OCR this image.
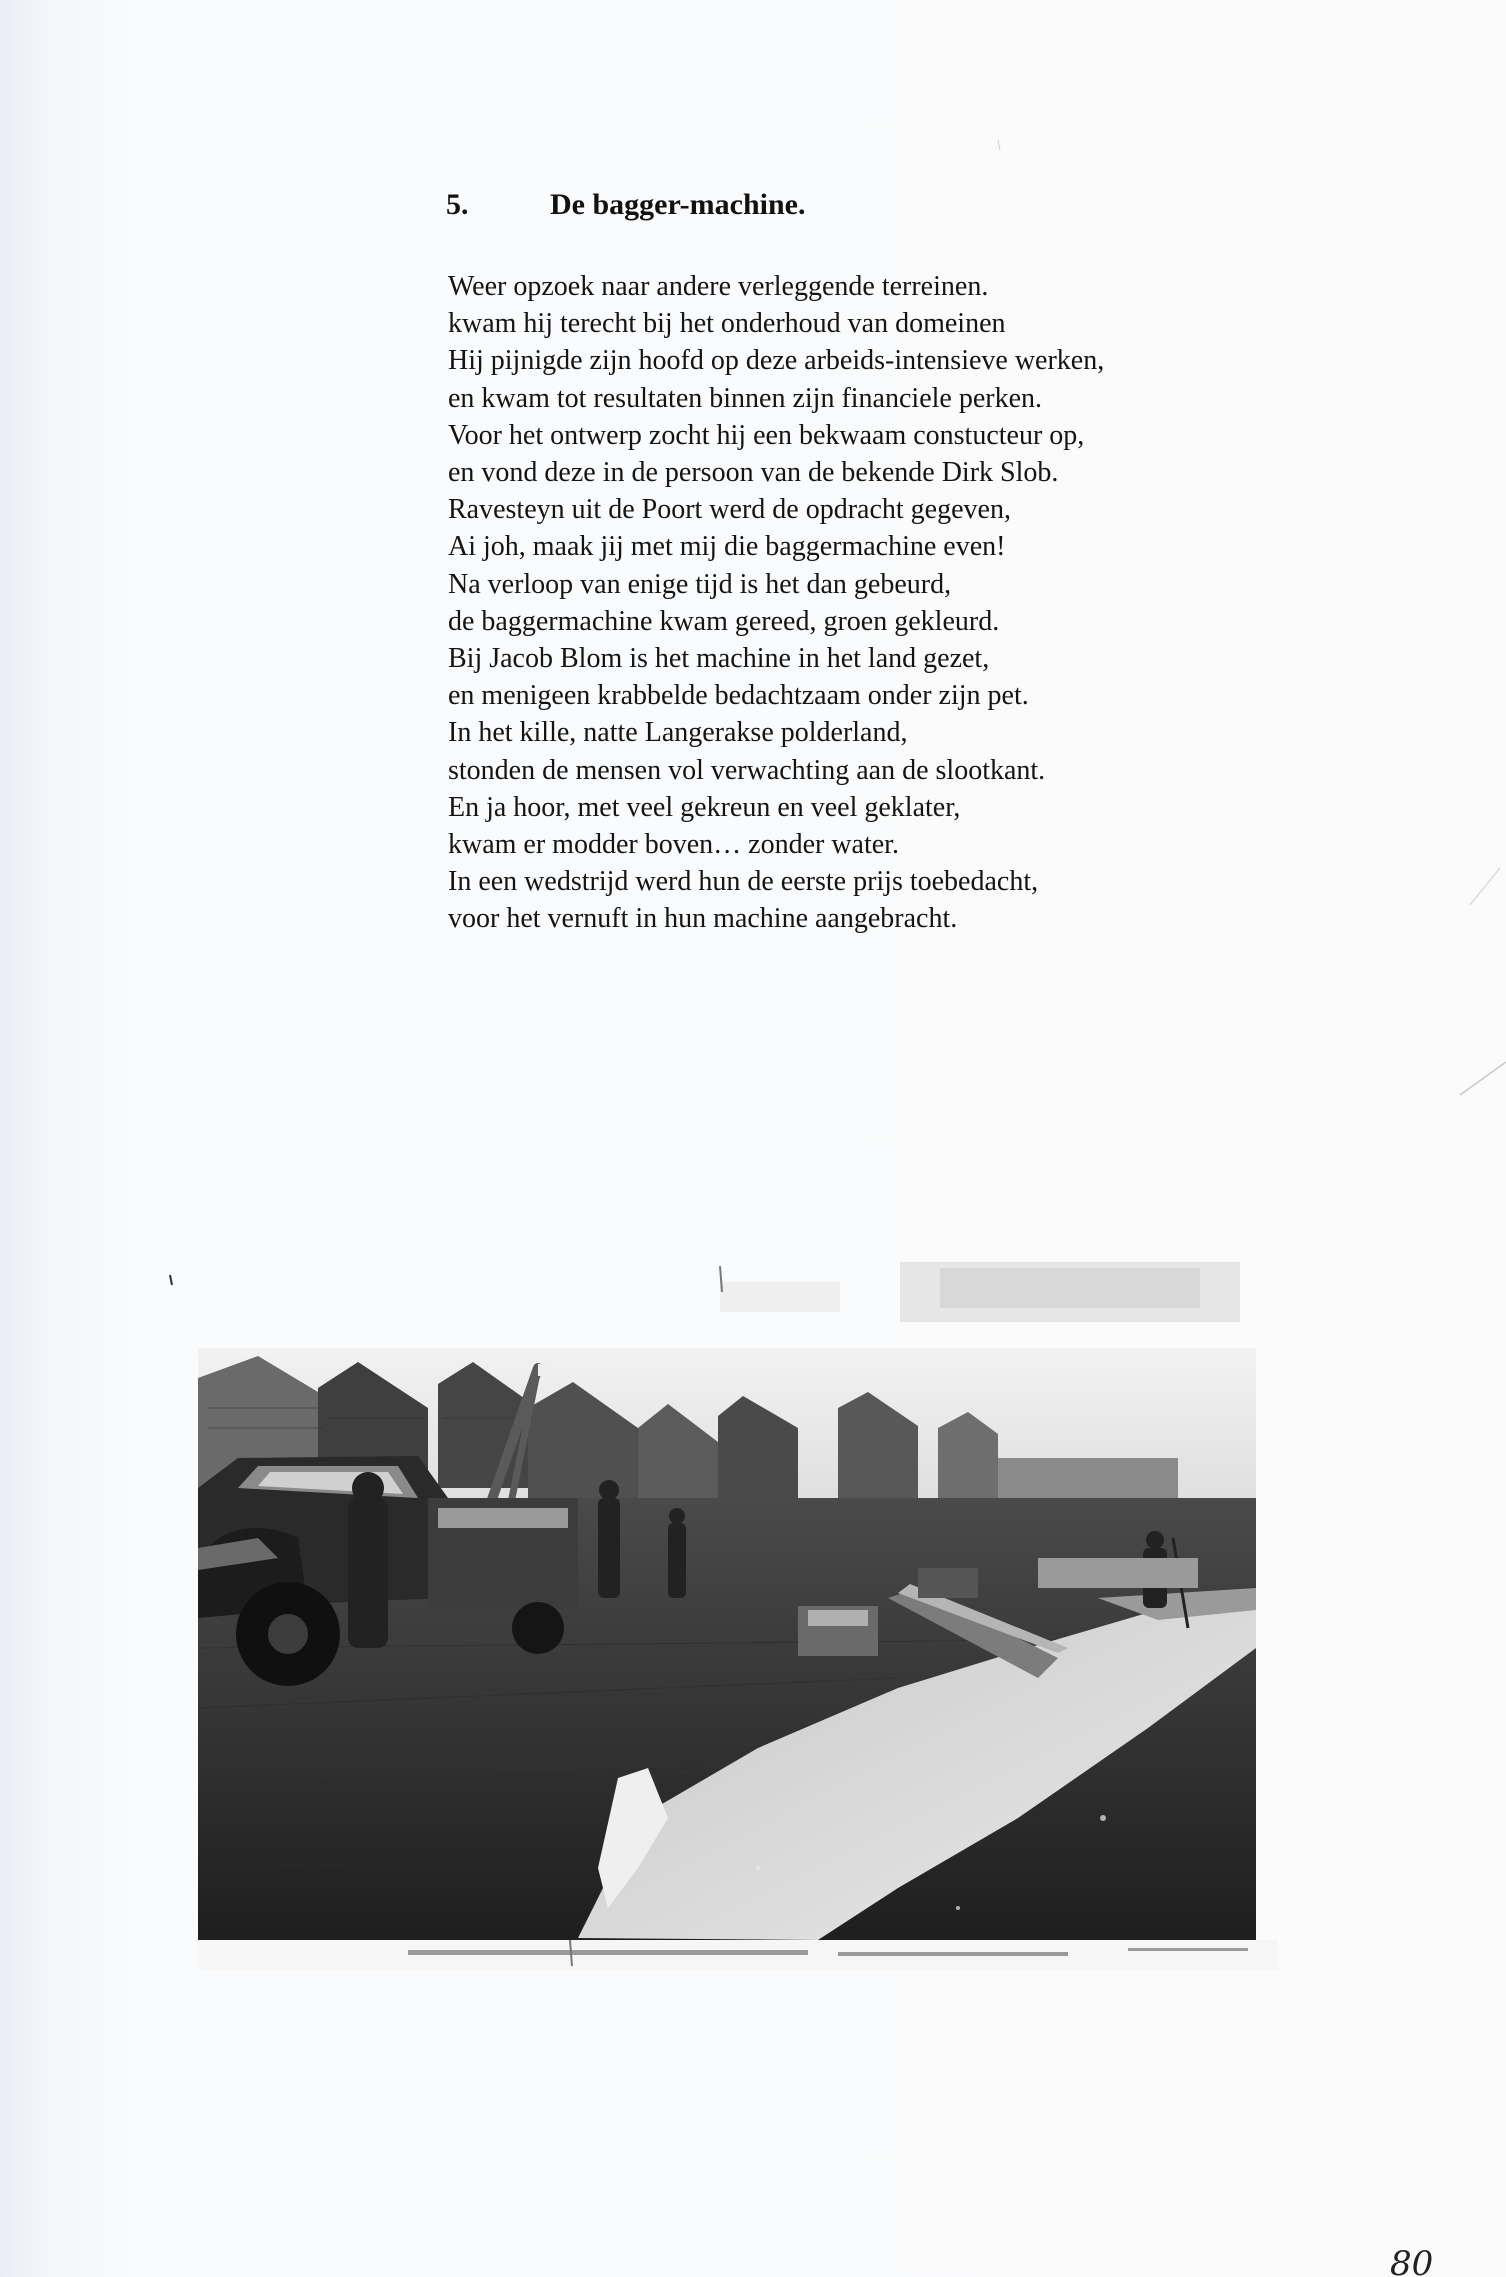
5.	De bagger-machine.
Weer opzoek naar andere verleggende terreinen.
kwam hij terecht bij het onderhoud van domeinen
Hij pijnigde zijn hoofd op deze arbeids-intensieve werken,
en kwam tot resultaten binnen zijn financiele perken.
Voor het ontwerp zocht hij een bekwaam constucteur op,
en vond deze in de persoon van de bekende Dirk Slob.
Ravesteyn uit de Poort werd de opdracht gegeven,
Ai joh, maak jij met mij die baggermachine even!
Na verloop van enige tijd is het dan gebeurd,
de baggermachine kwam gereed, groen gekleurd.
Bij Jacob Blom is het machine in het land gezet,
en menigeen krabbelde bedachtzaam onder zijn pet.
In het kille, natte Langerakse polderland,
stonden de mensen vol verwachting aan de slootkant.
En ja hoor, met veel gekreun en veel geklater,
kwam er modder boven… zonder water.
In een wedstrijd werd hun de eerste prijs toebedacht,
voor het vernuft in hun machine aangebracht.
80
